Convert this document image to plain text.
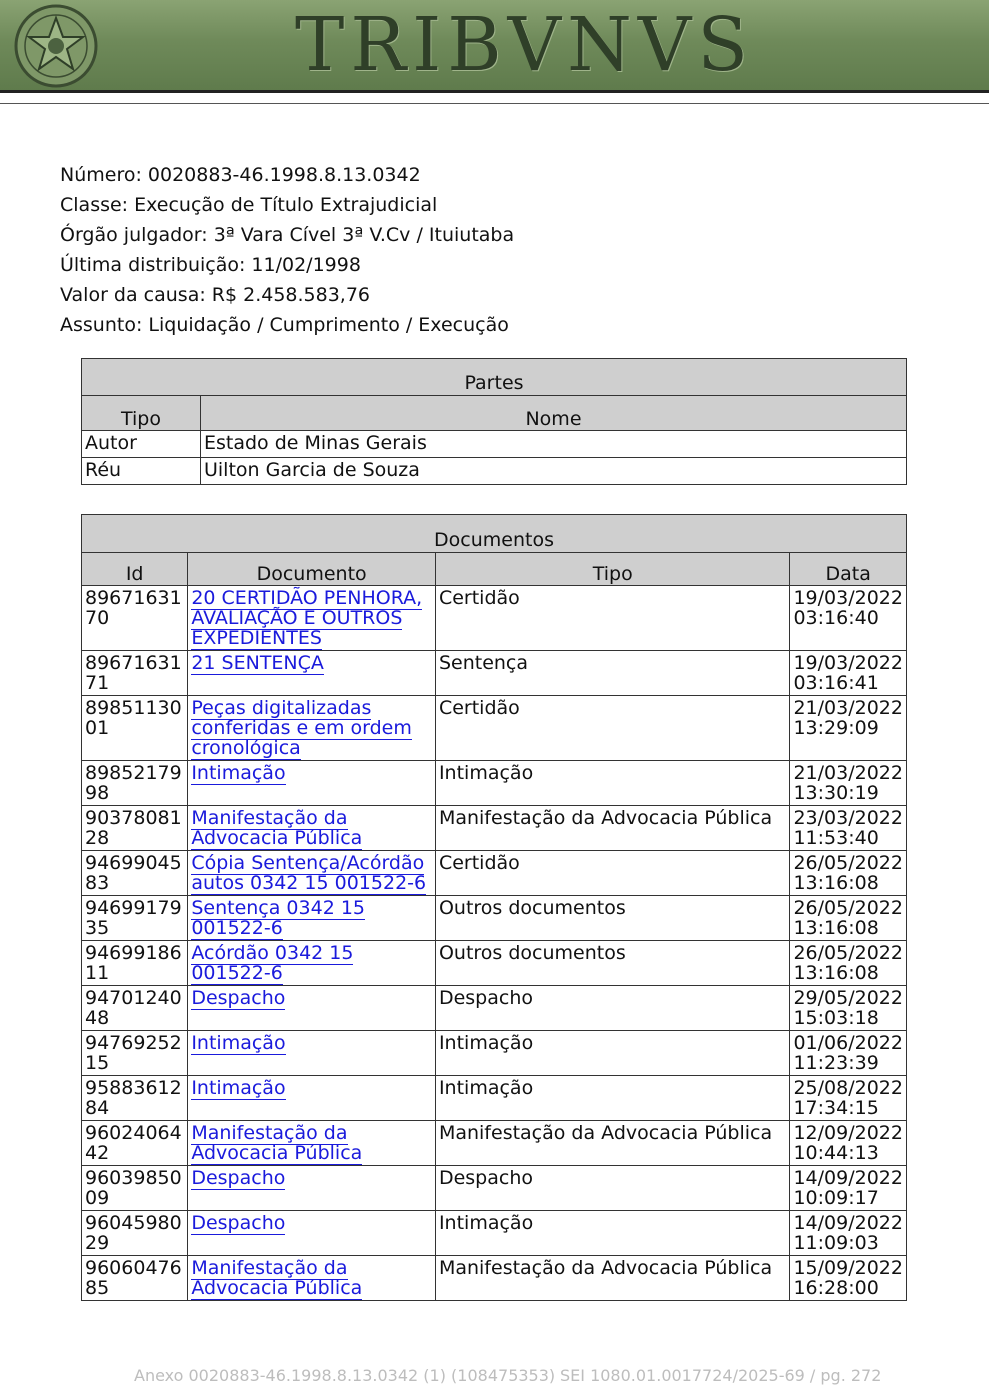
TRIBVNVS
Número: 0020883-46.1998.8.13.0342
Classe: Execução de Título Extrajudicial
Órgão julgador: 3ª Vara Cível 3ª V.Cv / Ituiutaba
Última distribuição: 11/02/1998
Valor da causa: R$ 2.458.583,76
Assunto: Liquidação / Cumprimento / Execução
Partes	
Tipo	Nome
Autor	Estado de Minas Gerais
Réu	Uilton Garcia de Souza
Documentos			
Id	Documento	Tipo	Data
8967163170	20 CERTIDÃO PENHORA, AVALIAÇÃO E OUTROS EXPEDIENTES	Certidão	19/03/2022 03:16:40
8967163171	21 SENTENÇA	Sentença	19/03/2022 03:16:41
8985113001	Peças digitalizadas conferidas e em ordem cronológica	Certidão	21/03/2022 13:29:09
8985217998	Intimação	Intimação	21/03/2022 13:30:19
9037808128	Manifestação da Advocacia Pública	Manifestação da Advocacia Pública	23/03/2022 11:53:40
9469904583	Cópia Sentença/Acórdão autos 0342 15 001522-6	Certidão	26/05/2022 13:16:08
9469917935	Sentença 0342 15 001522-6	Outros documentos	26/05/2022 13:16:08
9469918611	Acórdão 0342 15 001522-6	Outros documentos	26/05/2022 13:16:08
9470124048	Despacho	Despacho	29/05/2022 15:03:18
9476925215	Intimação	Intimação	01/06/2022 11:23:39
9588361284	Intimação	Intimação	25/08/2022 17:34:15
9602406442	Manifestação da Advocacia Pública	Manifestação da Advocacia Pública	12/09/2022 10:44:13
9603985009	Despacho	Despacho	14/09/2022 10:09:17
9604598029	Despacho	Intimação	14/09/2022 11:09:03
9606047685	Manifestação da Advocacia Pública	Manifestação da Advocacia Pública	15/09/2022 16:28:00
Anexo 0020883-46.1998.8.13.0342 (1) (108475353) SEI 1080.01.0017724/2025-69 / pg. 272
